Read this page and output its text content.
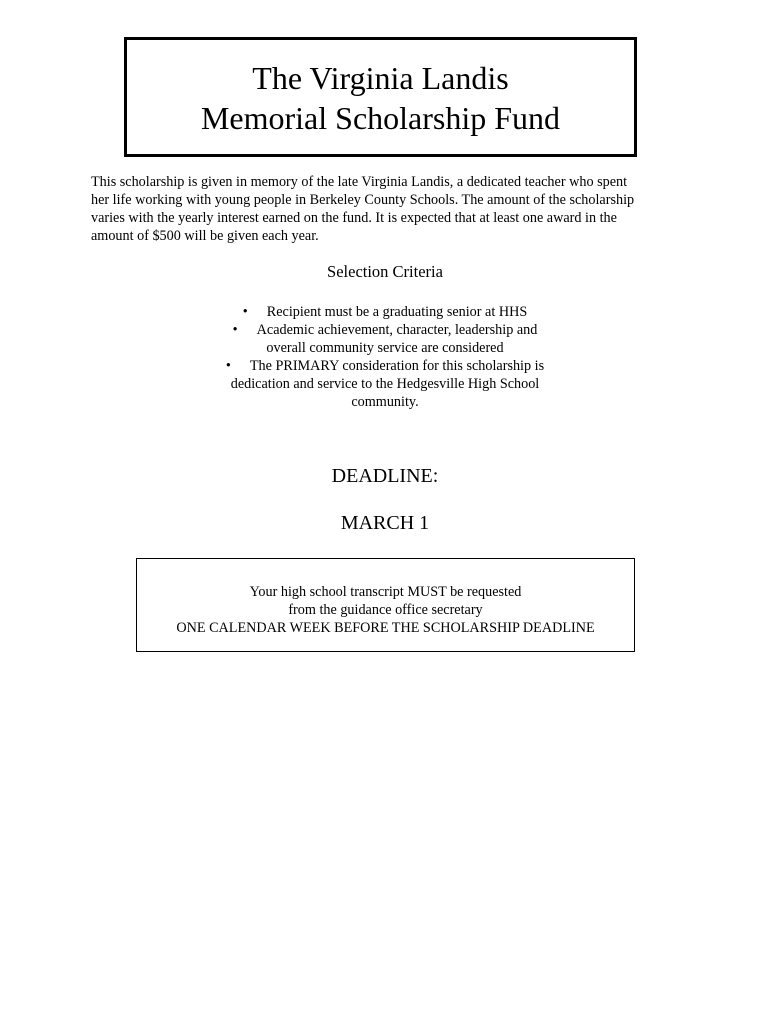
The Virginia Landis
Memorial Scholarship Fund

This scholarship is given in memory of the late Virginia Landis, a dedicated teacher who spent
her life working with young people in Berkeley County Schools. The amount of the scholarship
varies with the yearly interest earned on the fund. It is expected that at least one award in the
amount of $500 will be given each year.

Selection Criteria
• Recipient must be a graduating senior at HHS
• Academic achievement, character, leadership and
overall community service are considered
• The PRIMARY consideration for this scholarship is
dedication and service to the Hedgesville High School
community.
DEADLINE:
MARCH 1
Your high school transcript MUST be requested
from the guidance office secretary
ONE CALENDAR WEEK BEFORE THE SCHOLARSHIP DEADLINE
